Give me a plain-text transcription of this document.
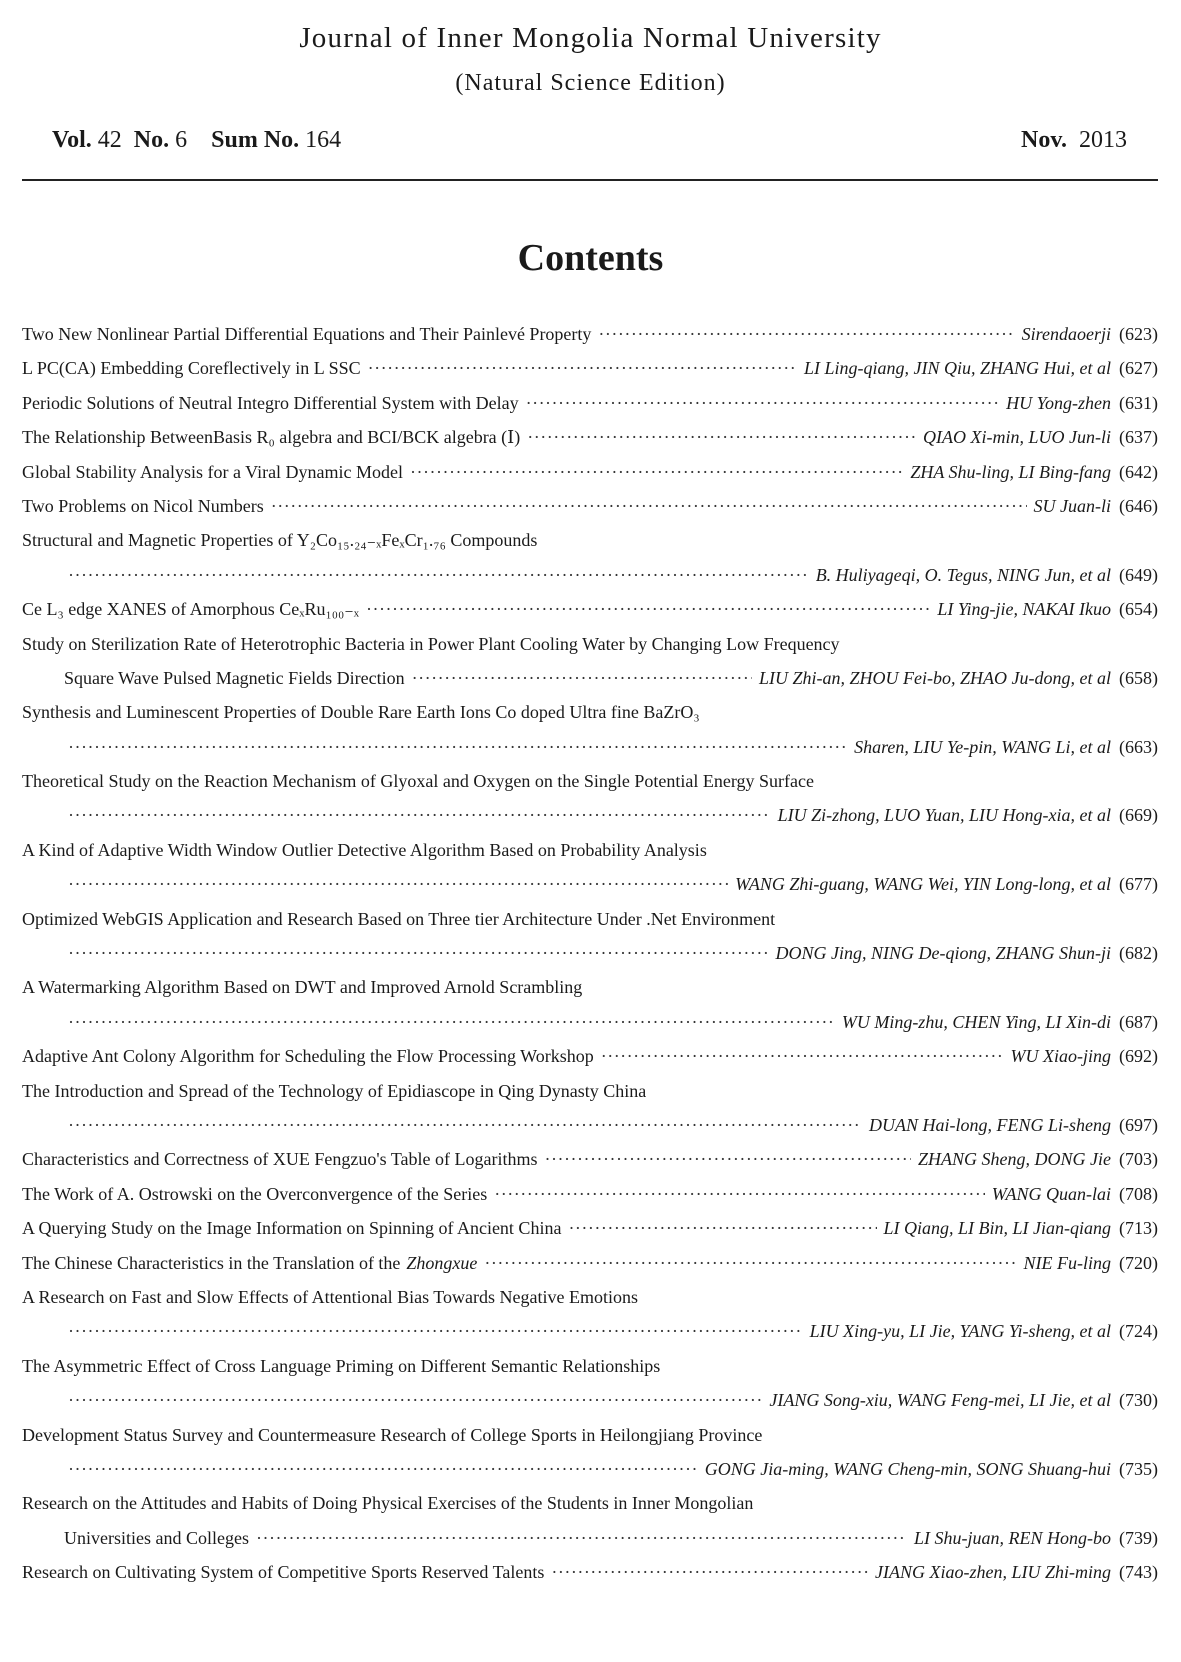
Journal of Inner Mongolia Normal University
(Natural Science Edition)
Vol. 42 No. 6 Sum No. 164	Nov. 2013
Contents
Two New Nonlinear Partial Differential Equations and Their Painlevé Property ·····	Sirendaoerji (623)
L PC(CA) Embedding Coreflectively in L SSC ·····	LI Ling-qiang, JIN Qiu, ZHANG Hui, et al (627)
Periodic Solutions of Neutral Integro Differential System with Delay ·····	HU Yong-zhen (631)
The Relationship BetweenBasis R₀ algebra and BCI/BCK algebra (Ⅰ) ·····	QIAO Xi-min, LUO Jun-li (637)
Global Stability Analysis for a Viral Dynamic Model ·····	ZHA Shu-ling, LI Bing-fang (642)
Two Problems on Nicol Numbers ·····	SU Juan-li (646)
Structural and Magnetic Properties of Y₂Co₁₅.₂₄₋ₓFeₓCr₁.₇₆ Compounds
·····
B. Huliyageqi, O. Tegus, NING Jun, et al (649)
Ce L₃ edge XANES of Amorphous CeₓRu₁₀₀₋ₓ ·····	LI Ying-jie, NAKAI Ikuo (654)
Study on Sterilization Rate of Heterotrophic Bacteria in Power Plant Cooling Water by Changing Low Frequency
Square Wave Pulsed Magnetic Fields Direction ·····	LIU Zhi-an, ZHOU Fei-bo, ZHAO Ju-dong, et al (658)
Synthesis and Luminescent Properties of Double Rare Earth Ions Co doped Ultra fine BaZrO₃
·····
Sharen, LIU Ye-pin, WANG Li, et al (663)
Theoretical Study on the Reaction Mechanism of Glyoxal and Oxygen on the Single Potential Energy Surface
·····
LIU Zi-zhong, LUO Yuan, LIU Hong-xia, et al (669)
A Kind of Adaptive Width Window Outlier Detective Algorithm Based on Probability Analysis
·····
WANG Zhi-guang, WANG Wei, YIN Long-long, et al (677)
Optimized WebGIS Application and Research Based on Three tier Architecture Under .Net Environment
·····
DONG Jing, NING De-qiong, ZHANG Shun-ji (682)
A Watermarking Algorithm Based on DWT and Improved Arnold Scrambling
·····
WU Ming-zhu, CHEN Ying, LI Xin-di (687)
Adaptive Ant Colony Algorithm for Scheduling the Flow Processing Workshop ·····	WU Xiao-jing (692)
The Introduction and Spread of the Technology of Epidiascope in Qing Dynasty China
·····
DUAN Hai-long, FENG Li-sheng (697)
Characteristics and Correctness of XUE Fengzuo's Table of Logarithms ·····	ZHANG Sheng, DONG Jie (703)
The Work of A. Ostrowski on the Overconvergence of the Series ·····	WANG Quan-lai (708)
A Querying Study on the Image Information on Spinning of Ancient China ·····	LI Qiang, LI Bin, LI Jian-qiang (713)
The Chinese Characteristics in the Translation of the Zhongxue ·····	NIE Fu-ling (720)
A Research on Fast and Slow Effects of Attentional Bias Towards Negative Emotions
·····
LIU Xing-yu, LI Jie, YANG Yi-sheng, et al (724)
The Asymmetric Effect of Cross Language Priming on Different Semantic Relationships
·····
JIANG Song-xiu, WANG Feng-mei, LI Jie, et al (730)
Development Status Survey and Countermeasure Research of College Sports in Heilongjiang Province
·····
GONG Jia-ming, WANG Cheng-min, SONG Shuang-hui (735)
Research on the Attitudes and Habits of Doing Physical Exercises of the Students in Inner Mongolian
Universities and Colleges ·····	LI Shu-juan, REN Hong-bo (739)
Research on Cultivating System of Competitive Sports Reserved Talents ·····	JIANG Xiao-zhen, LIU Zhi-ming (743)
